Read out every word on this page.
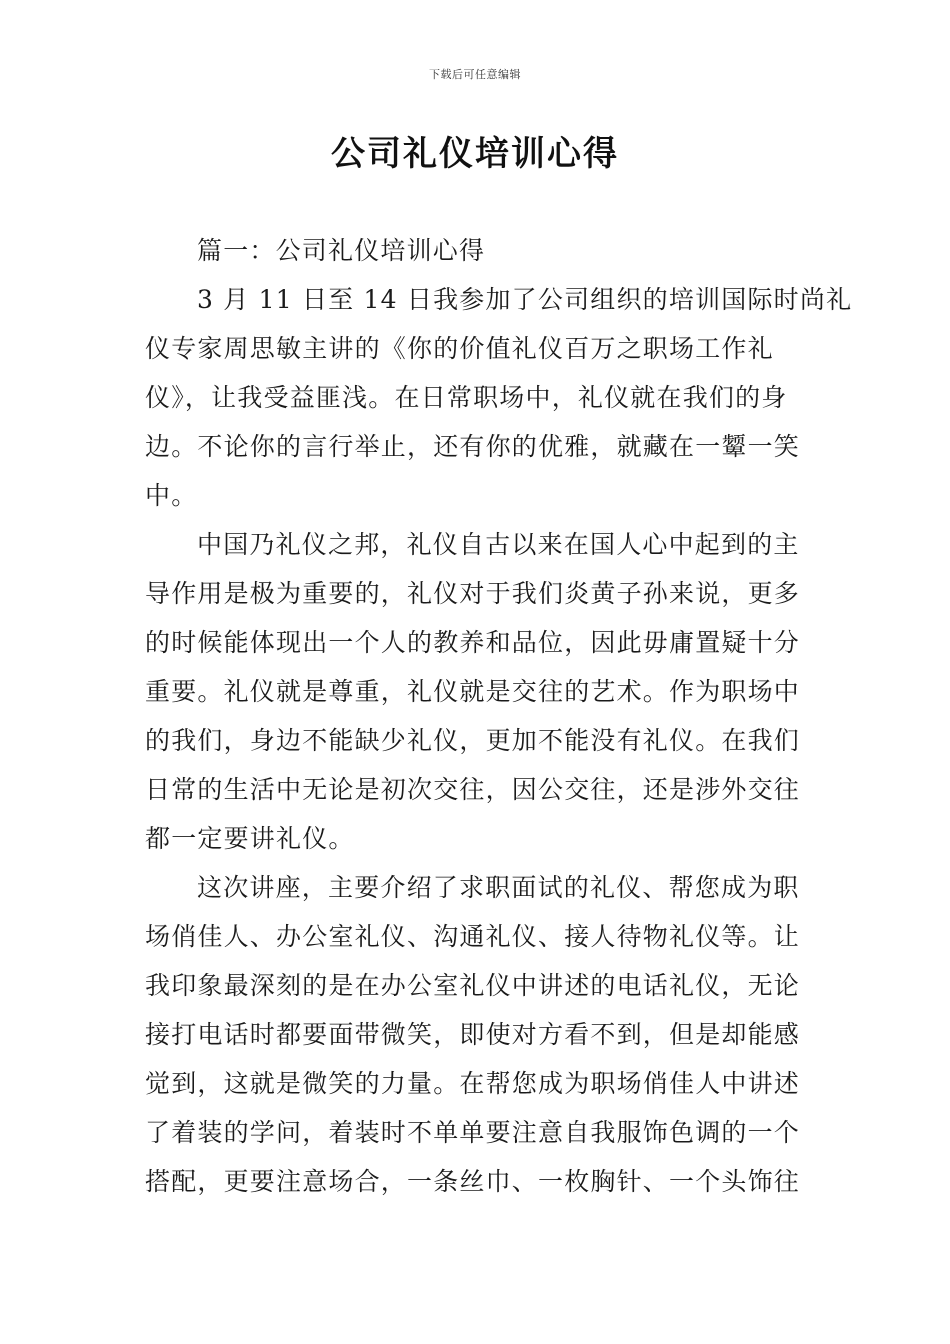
下载后可任意编辑
公司礼仪培训心得
篇一：公司礼仪培训心得
3 月 11 日至 14 日我参加了公司组织的培训国际时尚礼
仪专家周思敏主讲的《你的价值礼仪百万之职场工作礼
仪》，让我受益匪浅。在日常职场中，礼仪就在我们的身
边。不论你的言行举止，还有你的优雅，就藏在一颦一笑
中。
中国乃礼仪之邦，礼仪自古以来在国人心中起到的主
导作用是极为重要的，礼仪对于我们炎黄子孙来说，更多
的时候能体现出一个人的教养和品位，因此毋庸置疑十分
重要。礼仪就是尊重，礼仪就是交往的艺术。作为职场中
的我们，身边不能缺少礼仪，更加不能没有礼仪。在我们
日常的生活中无论是初次交往，因公交往，还是涉外交往
都一定要讲礼仪。
这次讲座，主要介绍了求职面试的礼仪、帮您成为职
场俏佳人、办公室礼仪、沟通礼仪、接人待物礼仪等。让
我印象最深刻的是在办公室礼仪中讲述的电话礼仪，无论
接打电话时都要面带微笑，即使对方看不到，但是却能感
觉到，这就是微笑的力量。在帮您成为职场俏佳人中讲述
了着装的学问，着装时不单单要注意自我服饰色调的一个
搭配，更要注意场合，一条丝巾、一枚胸针、一个头饰往
